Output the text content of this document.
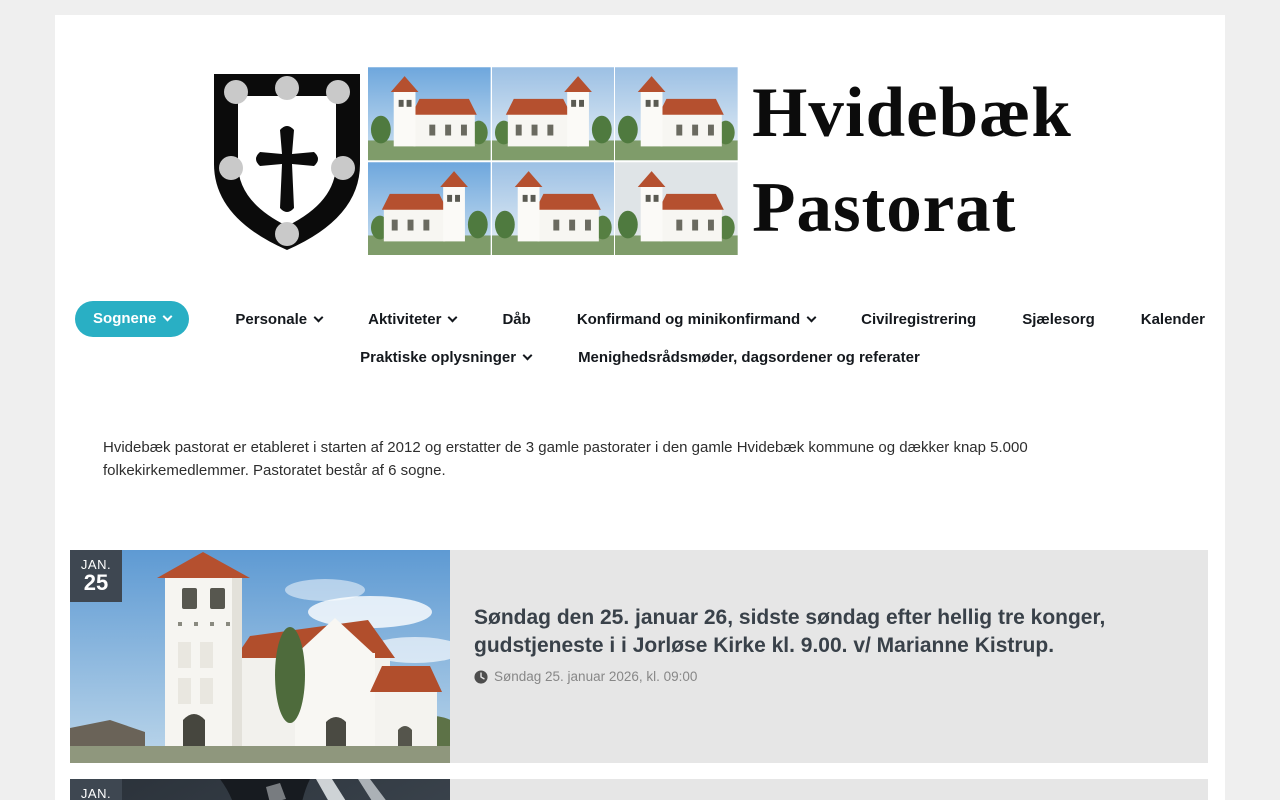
Hvidebæk
Pastorat
Sognene	Personale	Aktiviteter	Dåb	Konfirmand og minikonfirmand	Civilregistrering	Sjælesorg	Kalender
Praktiske oplysninger	Menighedsrådsmøder, dagsordener og referater

Hvidebæk pastorat er etableret i starten af 2012 og erstatter de 3 gamle pastorater i den gamle Hvidebæk kommune og dækker knap 5.000 folkekirkemedlemmer. Pastoratet består af 6 sogne.

JAN.
25
Søndag den 25. januar 26, sidste søndag efter hellig tre konger, gudstjeneste i i Jorløse Kirke kl. 9.00. v/ Marianne Kistrup.
Søndag 25. januar 2026, kl. 09:00
JAN.
